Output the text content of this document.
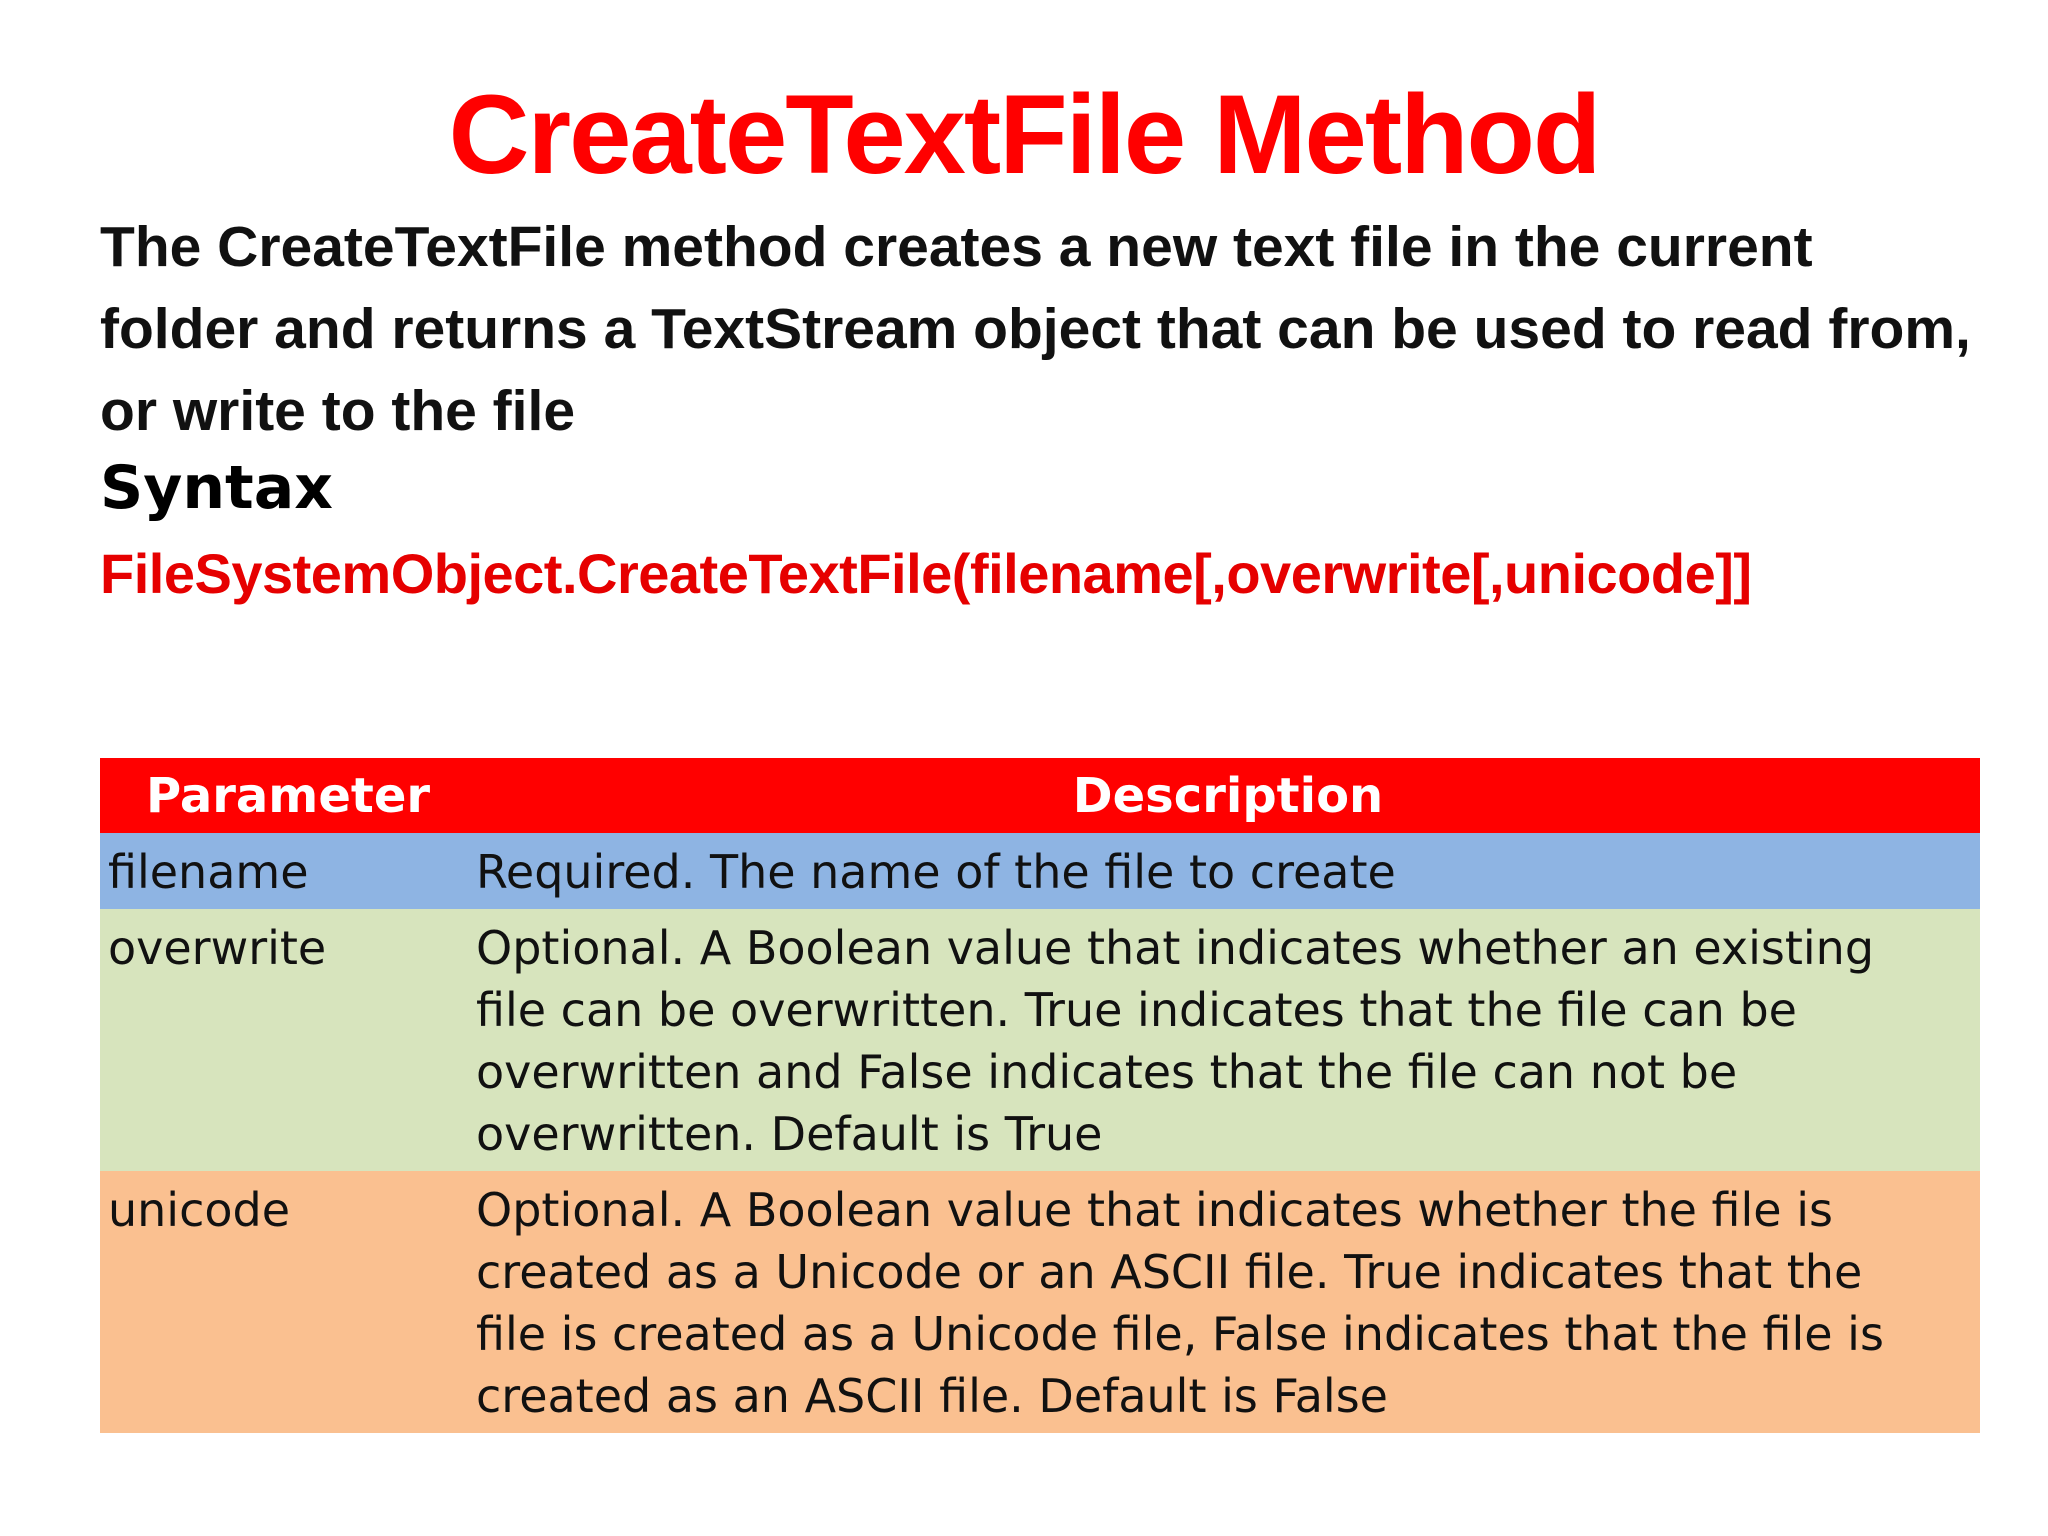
CreateTextFile Method
The CreateTextFile method creates a new text file in the current folder and returns a TextStream object that can be used to read from, or write to the file
Syntax
FileSystemObject.CreateTextFile(filename[,overwrite[,unicode]]
Parameter	Description
filename	Required. The name of the file to create
overwrite	Optional. A Boolean value that indicates whether an existing file can be overwritten. True indicates that the file can be overwritten and False indicates that the file can not be overwritten. Default is True
unicode	Optional. A Boolean value that indicates whether the file is created as a Unicode or an ASCII file. True indicates that the file is created as a Unicode file, False indicates that the file is created as an ASCII file. Default is False
